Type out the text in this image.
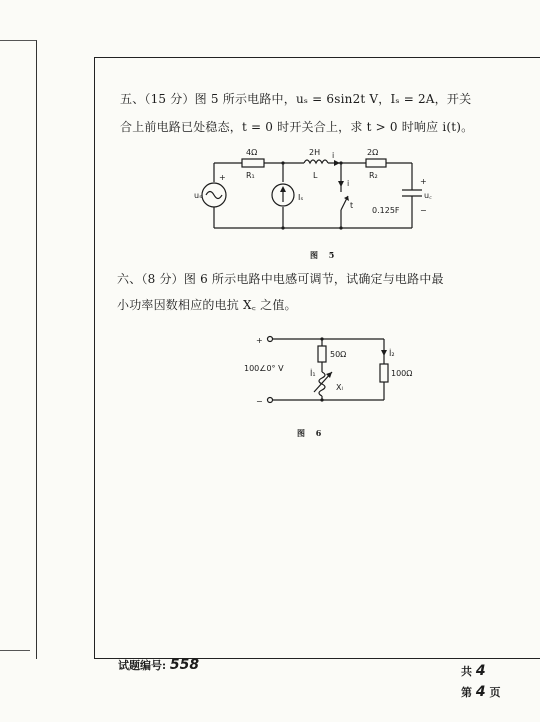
五、（15 分）图 5 所示电路中，uₛ = 6sin2t V，Iₛ = 2A，开关
合上前电路已处稳态，t = 0 时开关合上，求 t > 0 时响应 i(t)。
4Ω
R₁
2H
L
2Ω
R₂
+
uₛ	Iₛ
i
i
t
0.125F
+
u꜀
−
图 5
六、（8 分）图 6 所示电路中电感可调节，试确定与电路中最
小功率因数相应的电抗 X꜀ 之值。
+
−
100∠0° V
İ₁
50Ω
Xₗ
İ₂
100Ω
图 6
试题编号: 558	共 4
第 4 页
